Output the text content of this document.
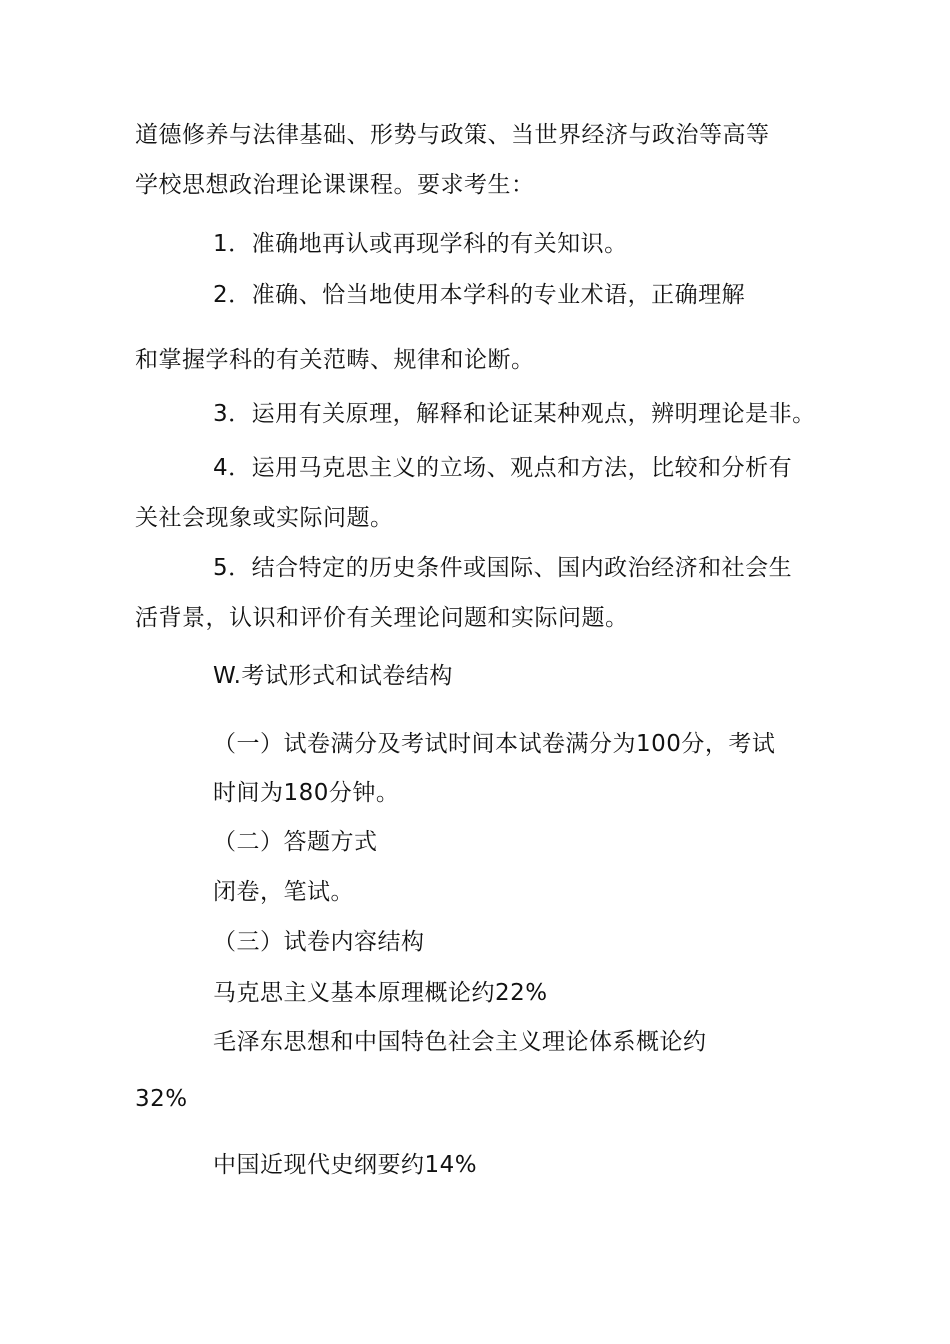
道德修养与法律基础、形势与政策、当世界经济与政治等高等
学校思想政治理论课课程。要求考生：
1．准确地再认或再现学科的有关知识。
2．准确、恰当地使用本学科的专业术语，正确理解
和掌握学科的有关范畴、规律和论断。
3．运用有关原理，解释和论证某种观点，辨明理论是非。
4．运用马克思主义的立场、观点和方法，比较和分析有
关社会现象或实际问题。
5．结合特定的历史条件或国际、国内政治经济和社会生
活背景，认识和评价有关理论问题和实际问题。
W.考试形式和试卷结构
（一）试卷满分及考试时间本试卷满分为100分，考试
时间为180分钟。
（二）答题方式
闭卷，笔试。
（三）试卷内容结构
马克思主义基本原理概论约22%
毛泽东思想和中国特色社会主义理论体系概论约
32%
中国近现代史纲要约14%
